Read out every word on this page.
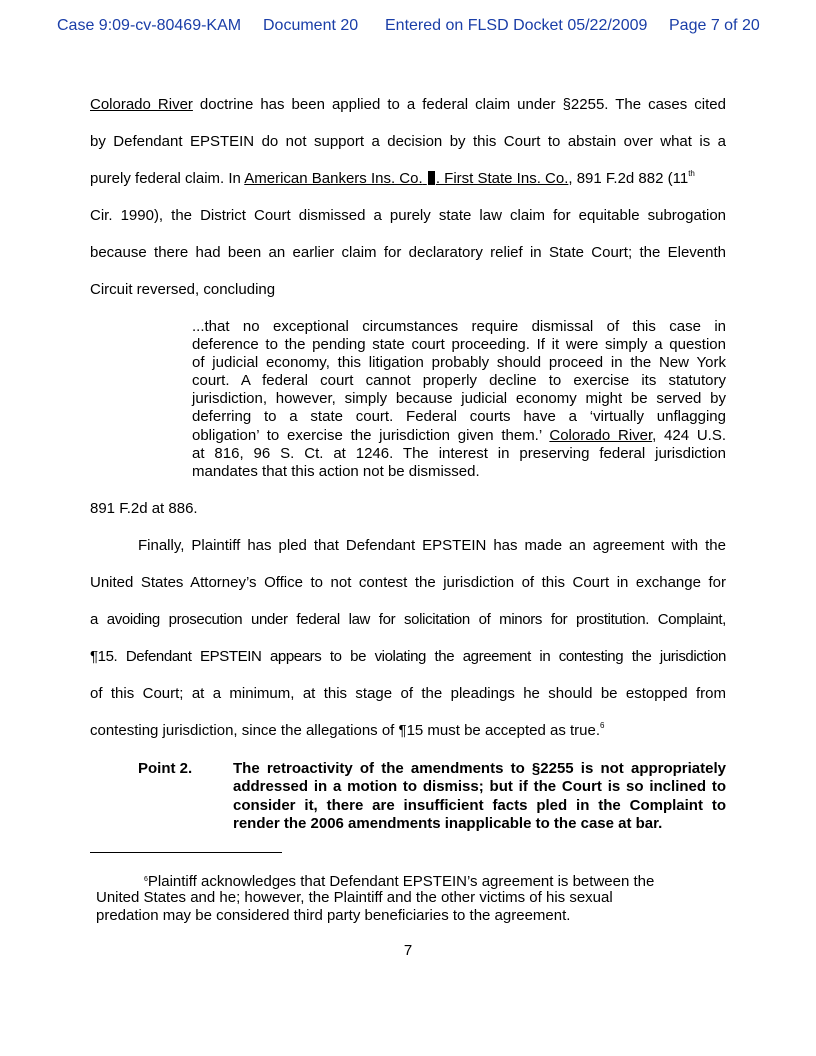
Case 9:09-cv-80469-KAM Document 20 Entered on FLSD Docket 05/22/2009 Page 7 of 20
Colorado River doctrine has been applied to a federal claim under §2255. The cases cited
by Defendant EPSTEIN do not support a decision by this Court to abstain over what is a
purely federal claim. In American Bankers Ins. Co. . First State Ins. Co., 891 F.2d 882 (11th
Cir. 1990), the District Court dismissed a purely state law claim for equitable subrogation
because there had been an earlier claim for declaratory relief in State Court; the Eleventh
Circuit reversed, concluding
...that no exceptional circumstances require dismissal of this case in
deference to the pending state court proceeding. If it were simply a question
of judicial economy, this litigation probably should proceed in the New York
court. A federal court cannot properly decline to exercise its statutory
jurisdiction, however, simply because judicial economy might be served by
deferring to a state court. Federal courts have a ‘virtually unflagging
obligation’ to exercise the jurisdiction given them.’ Colorado River, 424 U.S.
at 816, 96 S. Ct. at 1246. The interest in preserving federal jurisdiction
mandates that this action not be dismissed.
891 F.2d at 886.
Finally, Plaintiff has pled that Defendant EPSTEIN has made an agreement with the
United States Attorney’s Office to not contest the jurisdiction of this Court in exchange for
a avoiding prosecution under federal law for solicitation of minors for prostitution. Complaint,
¶15. Defendant EPSTEIN appears to be violating the agreement in contesting the jurisdiction
of this Court; at a minimum, at this stage of the pleadings he should be estopped from
contesting jurisdiction, since the allegations of ¶15 must be accepted as true.$^6$
Point 2.	The retroactivity of the amendments to §2255 is not appropriately
addressed in a motion to dismiss; but if the Court is so inclined to
consider it, there are insufficient facts pled in the Complaint to
render the 2006 amendments inapplicable to the case at bar.
$^6$Plaintiff acknowledges that Defendant EPSTEIN’s agreement is between the
United States and he; however, the Plaintiff and the other victims of his sexual
predation may be considered third party beneficiaries to the agreement.
7
